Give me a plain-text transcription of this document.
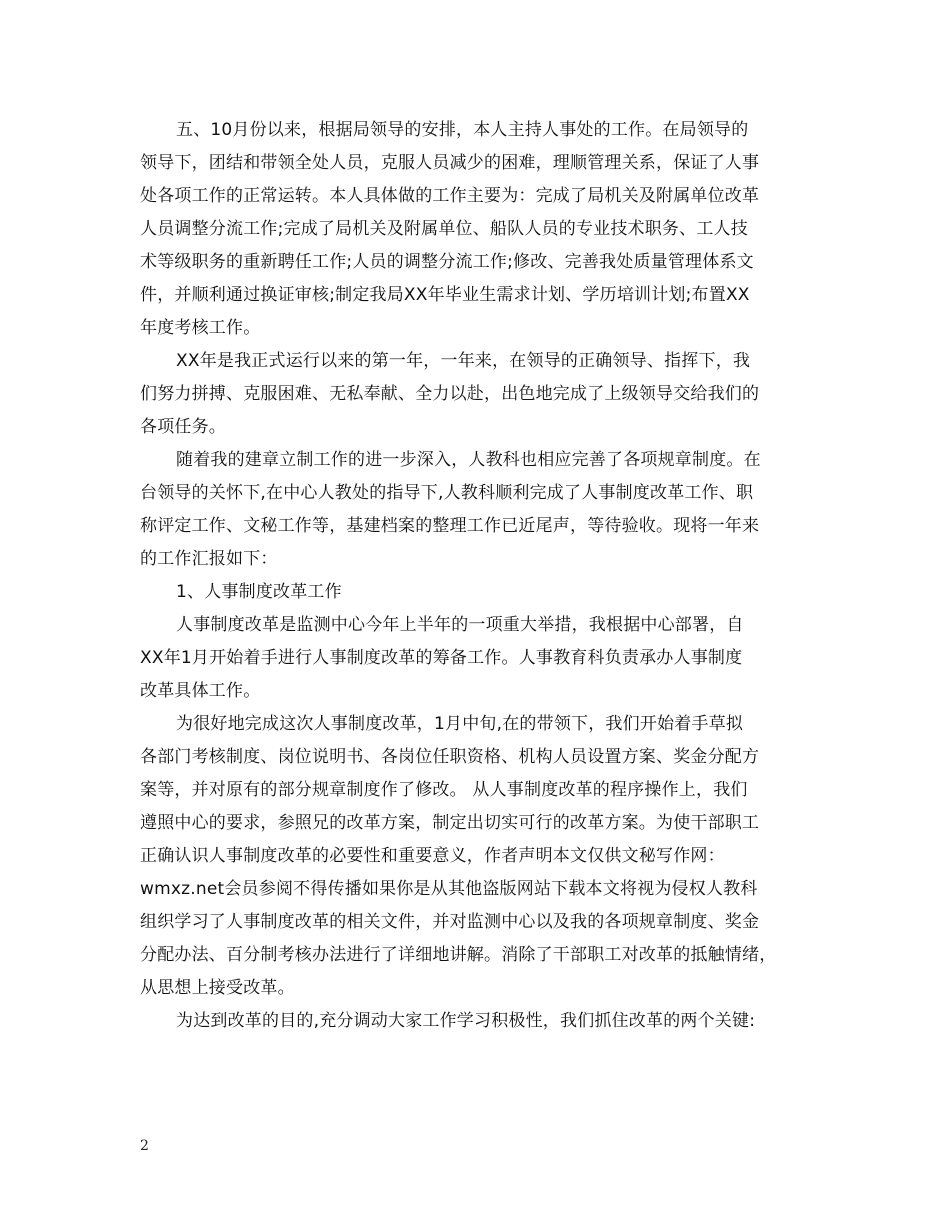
五、10月份以来，根据局领导的安排，本人主持人事处的工作。在局领导的
领导下，团结和带领全处人员，克服人员减少的困难，理顺管理关系，保证了人事
处各项工作的正常运转。本人具体做的工作主要为：完成了局机关及附属单位改革
人员调整分流工作;完成了局机关及附属单位、船队人员的专业技术职务、工人技
术等级职务的重新聘任工作;人员的调整分流工作;修改、完善我处质量管理体系文
件，并顺利通过换证审核;制定我局XX年毕业生需求计划、学历培训计划;布置XX
年度考核工作。
XX年是我正式运行以来的第一年，一年来，在领导的正确领导、指挥下，我
们努力拼搏、克服困难、无私奉献、全力以赴，出色地完成了上级领导交给我们的
各项任务。
随着我的建章立制工作的进一步深入，人教科也相应完善了各项规章制度。在
台领导的关怀下,在中心人教处的指导下,人教科顺利完成了人事制度改革工作、职
称评定工作、文秘工作等，基建档案的整理工作已近尾声，等待验收。现将一年来
的工作汇报如下：
1、人事制度改革工作
人事制度改革是监测中心今年上半年的一项重大举措，我根据中心部署，自
XX年1月开始着手进行人事制度改革的筹备工作。人事教育科负责承办人事制度
改革具体工作。
为很好地完成这次人事制度改革，1月中旬,在的带领下，我们开始着手草拟
各部门考核制度、岗位说明书、各岗位任职资格、机构人员设置方案、奖金分配方
案等，并对原有的部分规章制度作了修改。 从人事制度改革的程序操作上，我们
遵照中心的要求，参照兄的改革方案，制定出切实可行的改革方案。为使干部职工
正确认识人事制度改革的必要性和重要意义，作者声明本文仅供文秘写作网：
wmxz.net会员参阅不得传播如果你是从其他盗版网站下载本文将视为侵权人教科
组织学习了人事制度改革的相关文件，并对监测中心以及我的各项规章制度、奖金
分配办法、百分制考核办法进行了详细地讲解。消除了干部职工对改革的抵触情绪，
从思想上接受改革。
为达到改革的目的,充分调动大家工作学习积极性，我们抓住改革的两个关键:
2
